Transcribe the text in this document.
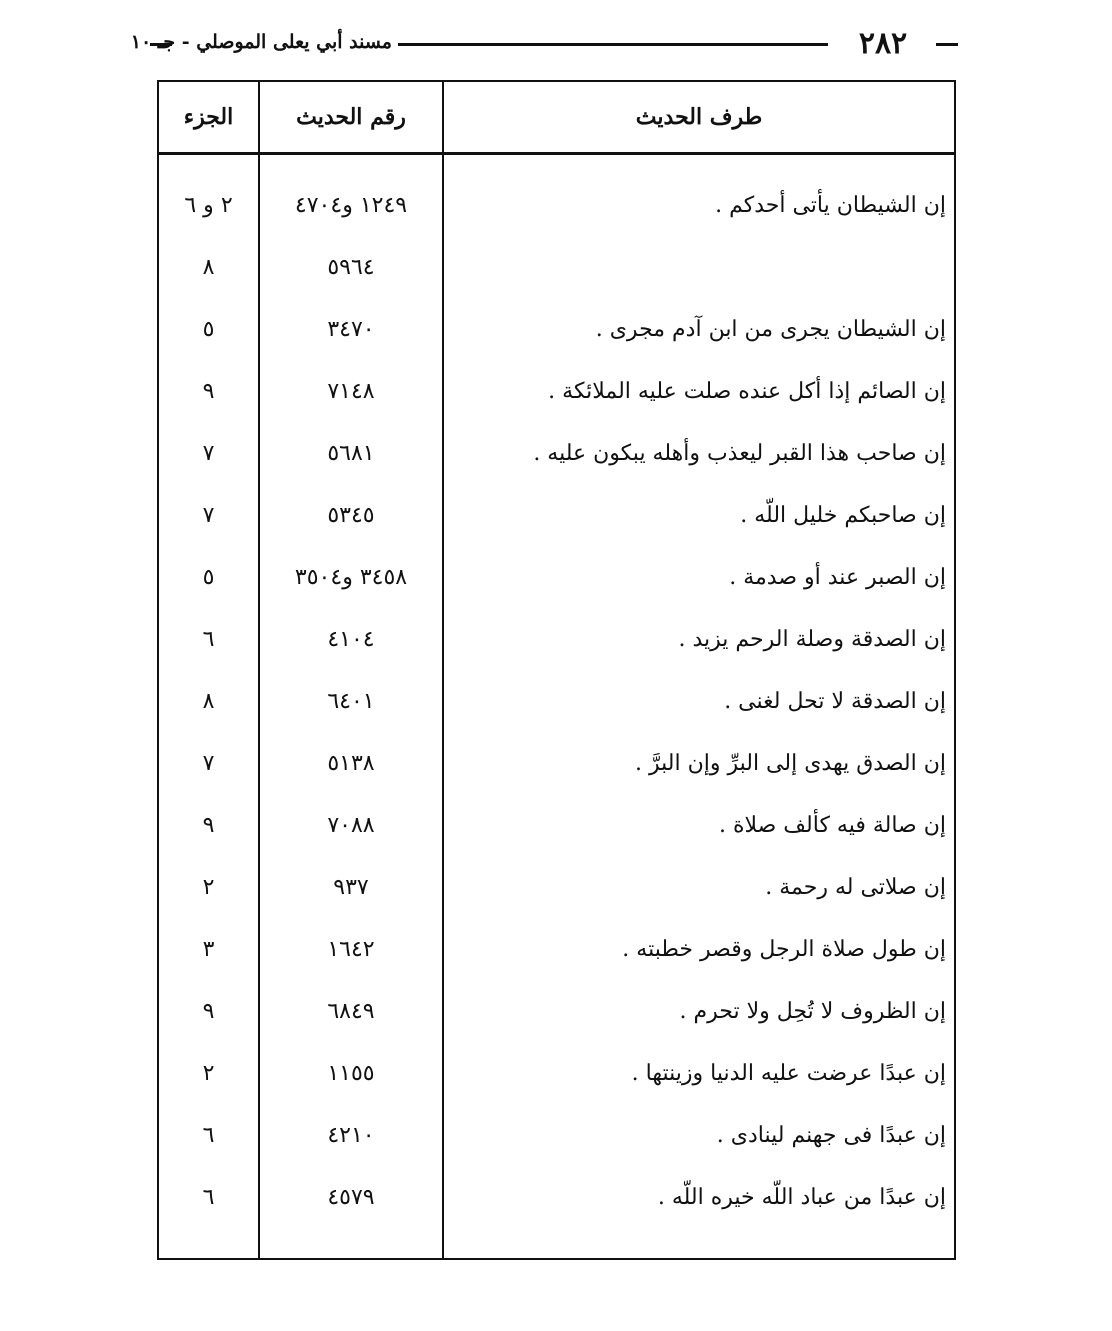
مسند أبي يعلى الموصلي - جـ ١٠	٢٨٢
الجزء	رقم الحديث	طرف الحديث
٢ و ٦	١٢٤٩ و٤٧٠٤	إن الشيطان يأتى أحدكم .
٨	٥٩٦٤
٥	٣٤٧٠	إن الشيطان يجرى من ابن آدم مجرى .
٩	٧١٤٨	إن الصائم إذا أكل عنده صلت عليه الملائكة .
٧	٥٦٨١	إن صاحب هذا القبر ليعذب وأهله يبكون عليه .
٧	٥٣٤٥	إن صاحبكم خليل اللّه .
٥	٣٤٥٨ و٣٥٠٤	إن الصبر عند أو صدمة .
٦	٤١٠٤	إن الصدقة وصلة الرحم يزيد .
٨	٦٤٠١	إن الصدقة لا تحل لغنى .
٧	٥١٣٨	إن الصدق يهدى إلى البرِّ وإن البرَّ .
٩	٧٠٨٨	إن صالة فيه كألف صلاة .
٢	٩٣٧	إن صلاتى له رحمة .
٣	١٦٤٢	إن طول صلاة الرجل وقصر خطبته .
٩	٦٨٤٩	إن الظروف لا تُحِل ولا تحرم .
٢	١١٥٥	إن عبدًا عرضت عليه الدنيا وزينتها .
٦	٤٢١٠	إن عبدًا فى جهنم لينادى .
٦	٤٥٧٩	إن عبدًا من عباد اللّه خيره اللّه .
